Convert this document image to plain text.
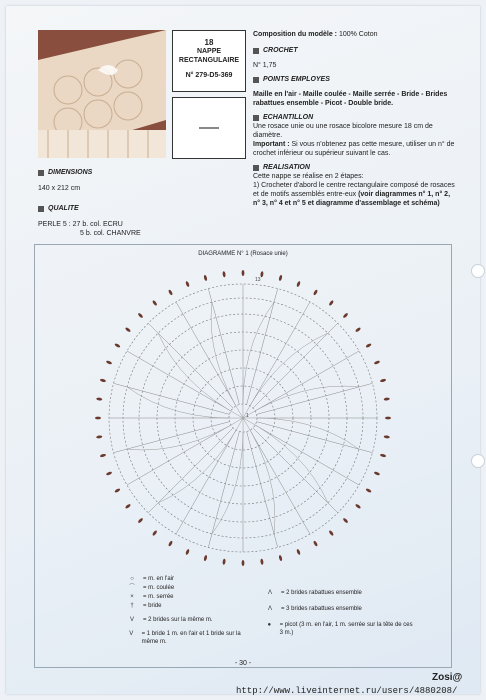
18
NAPPE RECTANGULAIRE
N° 279-D5-369
DIMENSIONS
140 x 212 cm
QUALITE
PERLE 5 : 27 b. col. ECRU
5 b. col. CHANVRE
Composition du modèle : 100% Coton
CROCHET
N° 1,75
POINTS EMPLOYES
Maille en l'air - Maille coulée - Maille serrée - Bride - Brides rabattues ensemble - Picot - Double bride.
ECHANTILLON
Une rosace unie ou une rosace bicolore mesure 18 cm de diamètre.
Important : Si vous n'obtenez pas cette mesure, utiliser un n° de crochet inférieur ou supérieur suivant le cas.
REALISATION
Cette nappe se réalise en 2 étapes:
1) Crocheter d'abord le centre rectangulaire composé de rosaces et de motifs assemblés entre-eux (voir diagrammes n° 1, n° 2, n° 3, n° 4 et n° 5 et diagramme d'assemblage et schéma)
DIAGRAMME N° 1 (Rosace unie)
13
1
○	= m. en l'air
⌒	= m. coulée
×	= m. serrée
†	= bride
V	= 2 brides sur la même m.
V	= 1 bride 1 m. en l'air et 1 bride sur la même m.
Λ	= 2 brides rabattues ensemble
Λ	= 3 brides rabattues ensemble
●	= picot (3 m. en l'air, 1 m. serrée sur la tête de ces 3 m.)
- 30 -
Zosi@
http://www.liveinternet.ru/users/4880208/
